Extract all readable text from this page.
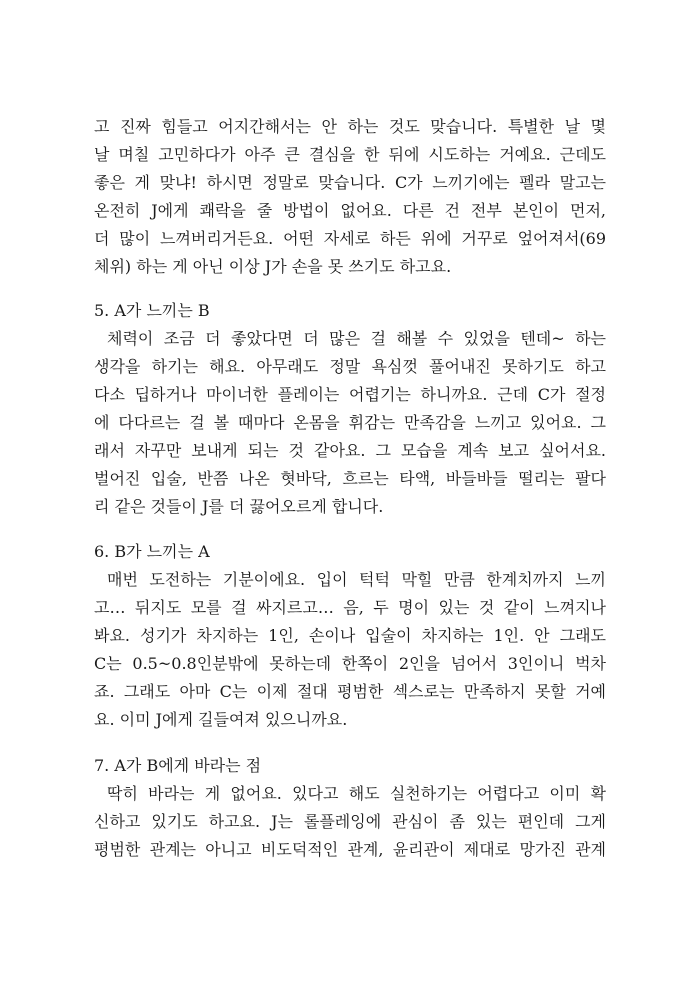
고 진짜 힘들고 어지간해서는 안 하는 것도 맞습니다. 특별한 날 몇
날 며칠 고민하다가 아주 큰 결심을 한 뒤에 시도하는 거예요. 근데도
좋은 게 맞냐! 하시면 정말로 맞습니다. C가 느끼기에는 펠라 말고는
온전히 J에게 쾌락을 줄 방법이 없어요. 다른 건 전부 본인이 먼저,
더 많이 느껴버리거든요. 어떤 자세로 하든 위에 거꾸로 엎어져서(69
체위) 하는 게 아닌 이상 J가 손을 못 쓰기도 하고요.
5. A가 느끼는 B
체력이 조금 더 좋았다면 더 많은 걸 해볼 수 있었을 텐데~ 하는
생각을 하기는 해요. 아무래도 정말 욕심껏 풀어내진 못하기도 하고
다소 딥하거나 마이너한 플레이는 어렵기는 하니까요. 근데 C가 절정
에 다다르는 걸 볼 때마다 온몸을 휘감는 만족감을 느끼고 있어요. 그
래서 자꾸만 보내게 되는 것 같아요. 그 모습을 계속 보고 싶어서요.
벌어진 입술, 반쯤 나온 혓바닥, 흐르는 타액, 바들바들 떨리는 팔다
리 같은 것들이 J를 더 끓어오르게 합니다.
6. B가 느끼는 A
매번 도전하는 기분이에요. 입이 턱턱 막힐 만큼 한계치까지 느끼
고… 뒤지도 모를 걸 싸지르고… 음, 두 명이 있는 것 같이 느껴지나
봐요. 성기가 차지하는 1인, 손이나 입술이 차지하는 1인. 안 그래도
C는 0.5~0.8인분밖에 못하는데 한쪽이 2인을 넘어서 3인이니 벅차
죠. 그래도 아마 C는 이제 절대 평범한 섹스로는 만족하지 못할 거예
요. 이미 J에게 길들여져 있으니까요.
7. A가 B에게 바라는 점
딱히 바라는 게 없어요. 있다고 해도 실천하기는 어렵다고 이미 확
신하고 있기도 하고요. J는 롤플레잉에 관심이 좀 있는 편인데 그게
평범한 관계는 아니고 비도덕적인 관계, 윤리관이 제대로 망가진 관계
